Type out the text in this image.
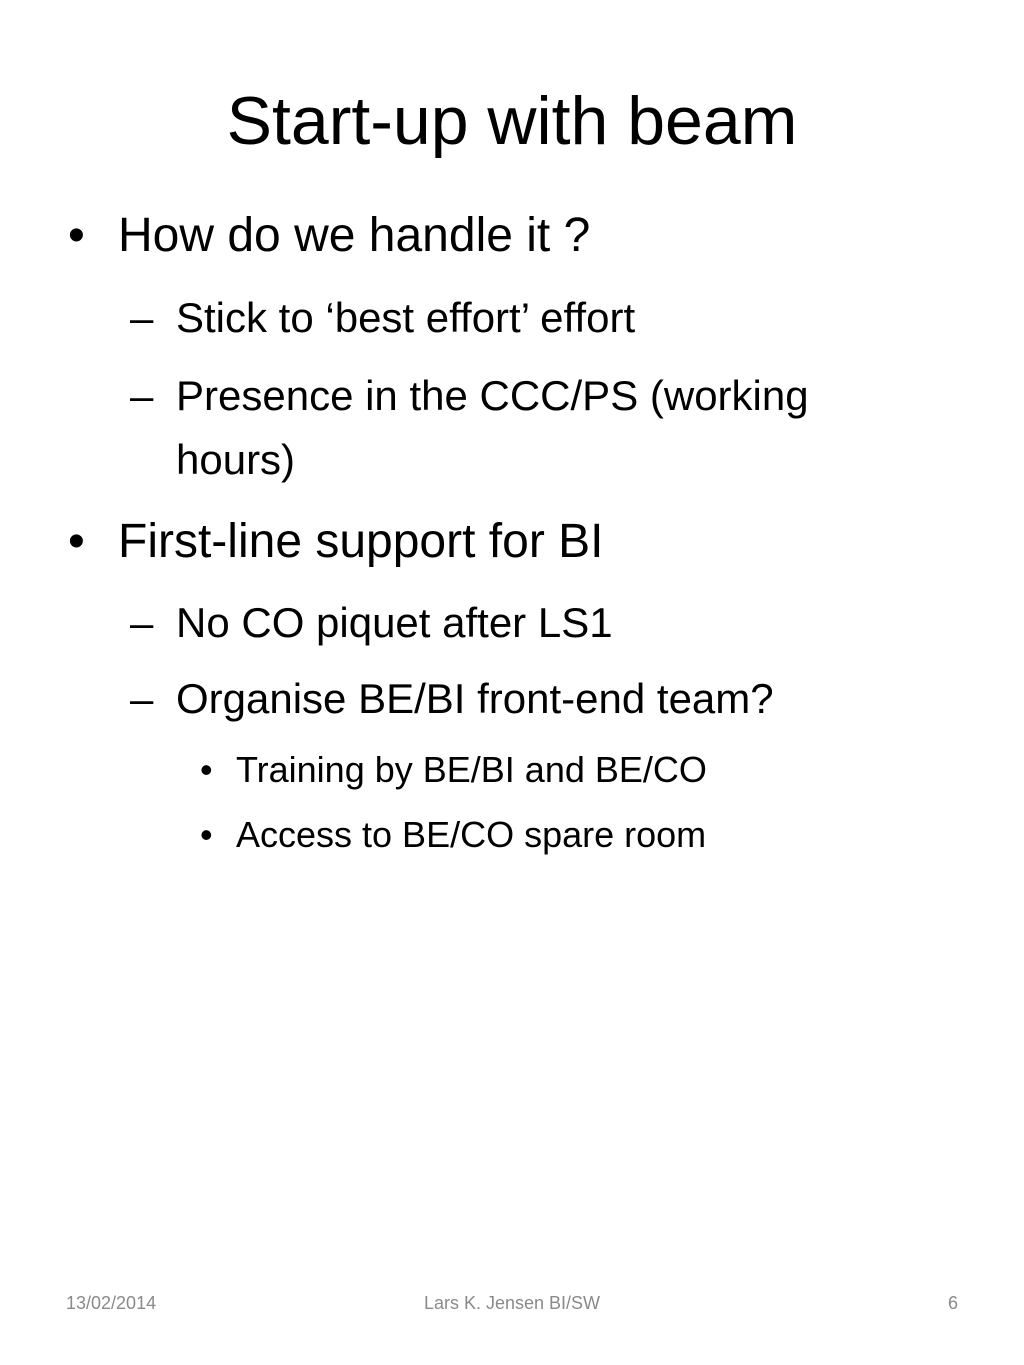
Start-up with beam
• How do we handle it ?
– Stick to ‘best effort’ effort
– Presence in the CCC/PS (working hours)
• First-line support for BI
– No CO piquet after LS1
– Organise BE/BI front-end team?
• Training by BE/BI and BE/CO
• Access to BE/CO spare room
13/02/2014	Lars K. Jensen BI/SW	6
